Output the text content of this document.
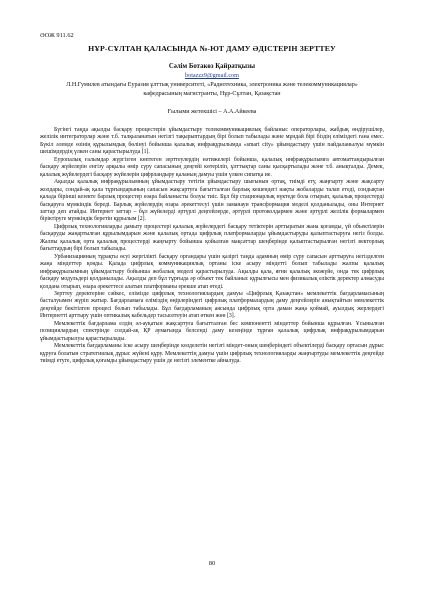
ӘОЖ 911.62
НҰР-СҰЛТАН ҚАЛАСЫНДА №-ЮТ ДАМУ ӘДІСТЕРІН ЗЕРТТЕУ
Сәлім Ботакөз Қайратқызы
botazzz9@gmail.com
Л.Н.Гумилев атындағы Еуразия ұлттық университеті, «Радиотехника, электроника және телекоммуникациялар» кафедрасының магистранты, Нұр-Сұлтан, Қазақстан
Ғылыми жетекшісі – А.А.Айкеева

Бүгінгі таңда ақылды басқару процестерін ұйымдастыру телекоммуникациялық байланыс операторлары, жабдық өндірушілер, желілік интеграторлар және т.б. талқыланатын негізгі тақырыптардың бірі болып табылады және мұндай бірі біздің еліміздегі ғана емес. Бүкіл әлемде өзінің құрылымдық бөлінуі бойынша қалалық инфрақұрылымда «smart city» ұйымдастыру үшін пайдаланылуы мүмкін шешімдердің үлкен саны қарастырылуда [1].

Еуропалық ғалымдар жүргізген көптеген зерттеулердің нәтижелері бойынша, қалалық инфрақұрылымға автоматтандырылған басқару жүйелерін енгізу арқылы өмір сүру сапасының деңгейі көтеріліп, ұлттықтар саны қысқартылады және т.б. анықталды. Демек, қалалық жүйелердегі басқару жүйелерін цифрландыру қаланың дамуы үшін үлкен сипатқа ие.

Ақылды қалалық инфрақұрылымның ұйымдастыру тетігін ұйымдастыру шығынын ортақ, тиімді ету, жаңғырту және жақсарту жолдары, сондай-ақ қала тұрғындарының сапасын жақсартуға бағытталған барлық кешендегі нақты жобаларды талап етеді, сондықтан қалада бірінші кезекте барлық процестер өзара байланысты болуы тиіс. Бұл бір стационарлық нүктеде бола отырып, қалалық процестерді басқаруға мүмкіндік береді. Барлық жүйелердің өзара әрекеттесуі үшін заманауи трансформация моделі қолданылады, оны Интернет заттар деп атайды. Интернет заттар – бұл жүйелерді әртүрлі деңгейлерде, әртүрлі протоколдармен және әртүрлі желілік формалармен біріктіруге мүмкіндік беретін құрылым [2].

Цифрлық технологияларды дамыту процестері қалалық жүйелердегі басқару тетіктерін арттыратын жана қоғамды, үй объектілерін басқаруды жаңартылған құрылымдарын және қалалық ортада цифрлық платформаларды ұйымдастыруды қалыптастыруға негіз болды. Жалпы қалалық орта қалалық процестерді жаңғырту бойынша қойылған мақсаттар шеңберінде қалыптастырылған негізгі векторлық бағыттардың бірі болып табылады.

Урбанизацияның тұрақты өсуі жергілікті басқару органдары үшін қазіргі таңда адамның өмір сүру сапасын арттыруға негізделген жаңа міндеттер қояды. Қалада цифрлық коммуникациялық ортаны іске асыру міндетті болып табылады жалпы қалалық инфрақұрылымның ұйымдастыру бойынша жобалық моделі қарастырылуда. Ақылды қала, яғни қалалық экожүйе, онда тек цифрлық басқару модульдері қолданылады. Ақылды деп бұл тұрғыда әр объект тек байланыс құрылғысы мен физикалық еліктік деректер алмасуды қолдана отырып, өзара әрекеттесе алатын платформаны ерекше атап өтеді.

Зерттеу деректеріне сәйкес, елімізде цифрлық технологиялардың дамуы «Цифрлық Қазақстан» мемлекеттік бағдарламасының басталуымен жүріп жатыр. Бағдарламаға еліміздің өңірлеріндегі цифрлық платформалардың даму деңгейлерін анықтайтын мемлекеттік деңгейде бекітілген процесі болып табылады. Бұл бағдарламаның аясында цифрлық орта даман жаңа қоймай, ауылдық жерлердегі Интернетті арттыру үшін оптикалық кабельдер тасыолтеуін атап өткен жөн [3].

Мемлекеттік бағдарлама елдің әл-ауқатын жақсартуға бағытталған бес компонентті міндеттер бойынша құрылған. Ұсынылған позициялардың спектрінде солдай-ақ ҚР аумағында белсенді даму кезеңінде тұрған қалалық цифрлық инфрақұрылымдарын ұйымдастырылуы қарастырылады.

Мемлекеттік бағдарламаны іске асыру шеңберінде көзделетін негізгі міндет-оның шеңберіндегі объектілерді басқару ортасын дұрыс құруға болатын стратегиялық дұрыс жүйені құру. Мемлекеттің дамуы үшін цифрлық технологияларды жаңғыртуды мемлекеттік деңгейде тиімді етуге, цифрлық қоғамды ұйымдастыру үшін де негізгі элементке айналуда.

80
